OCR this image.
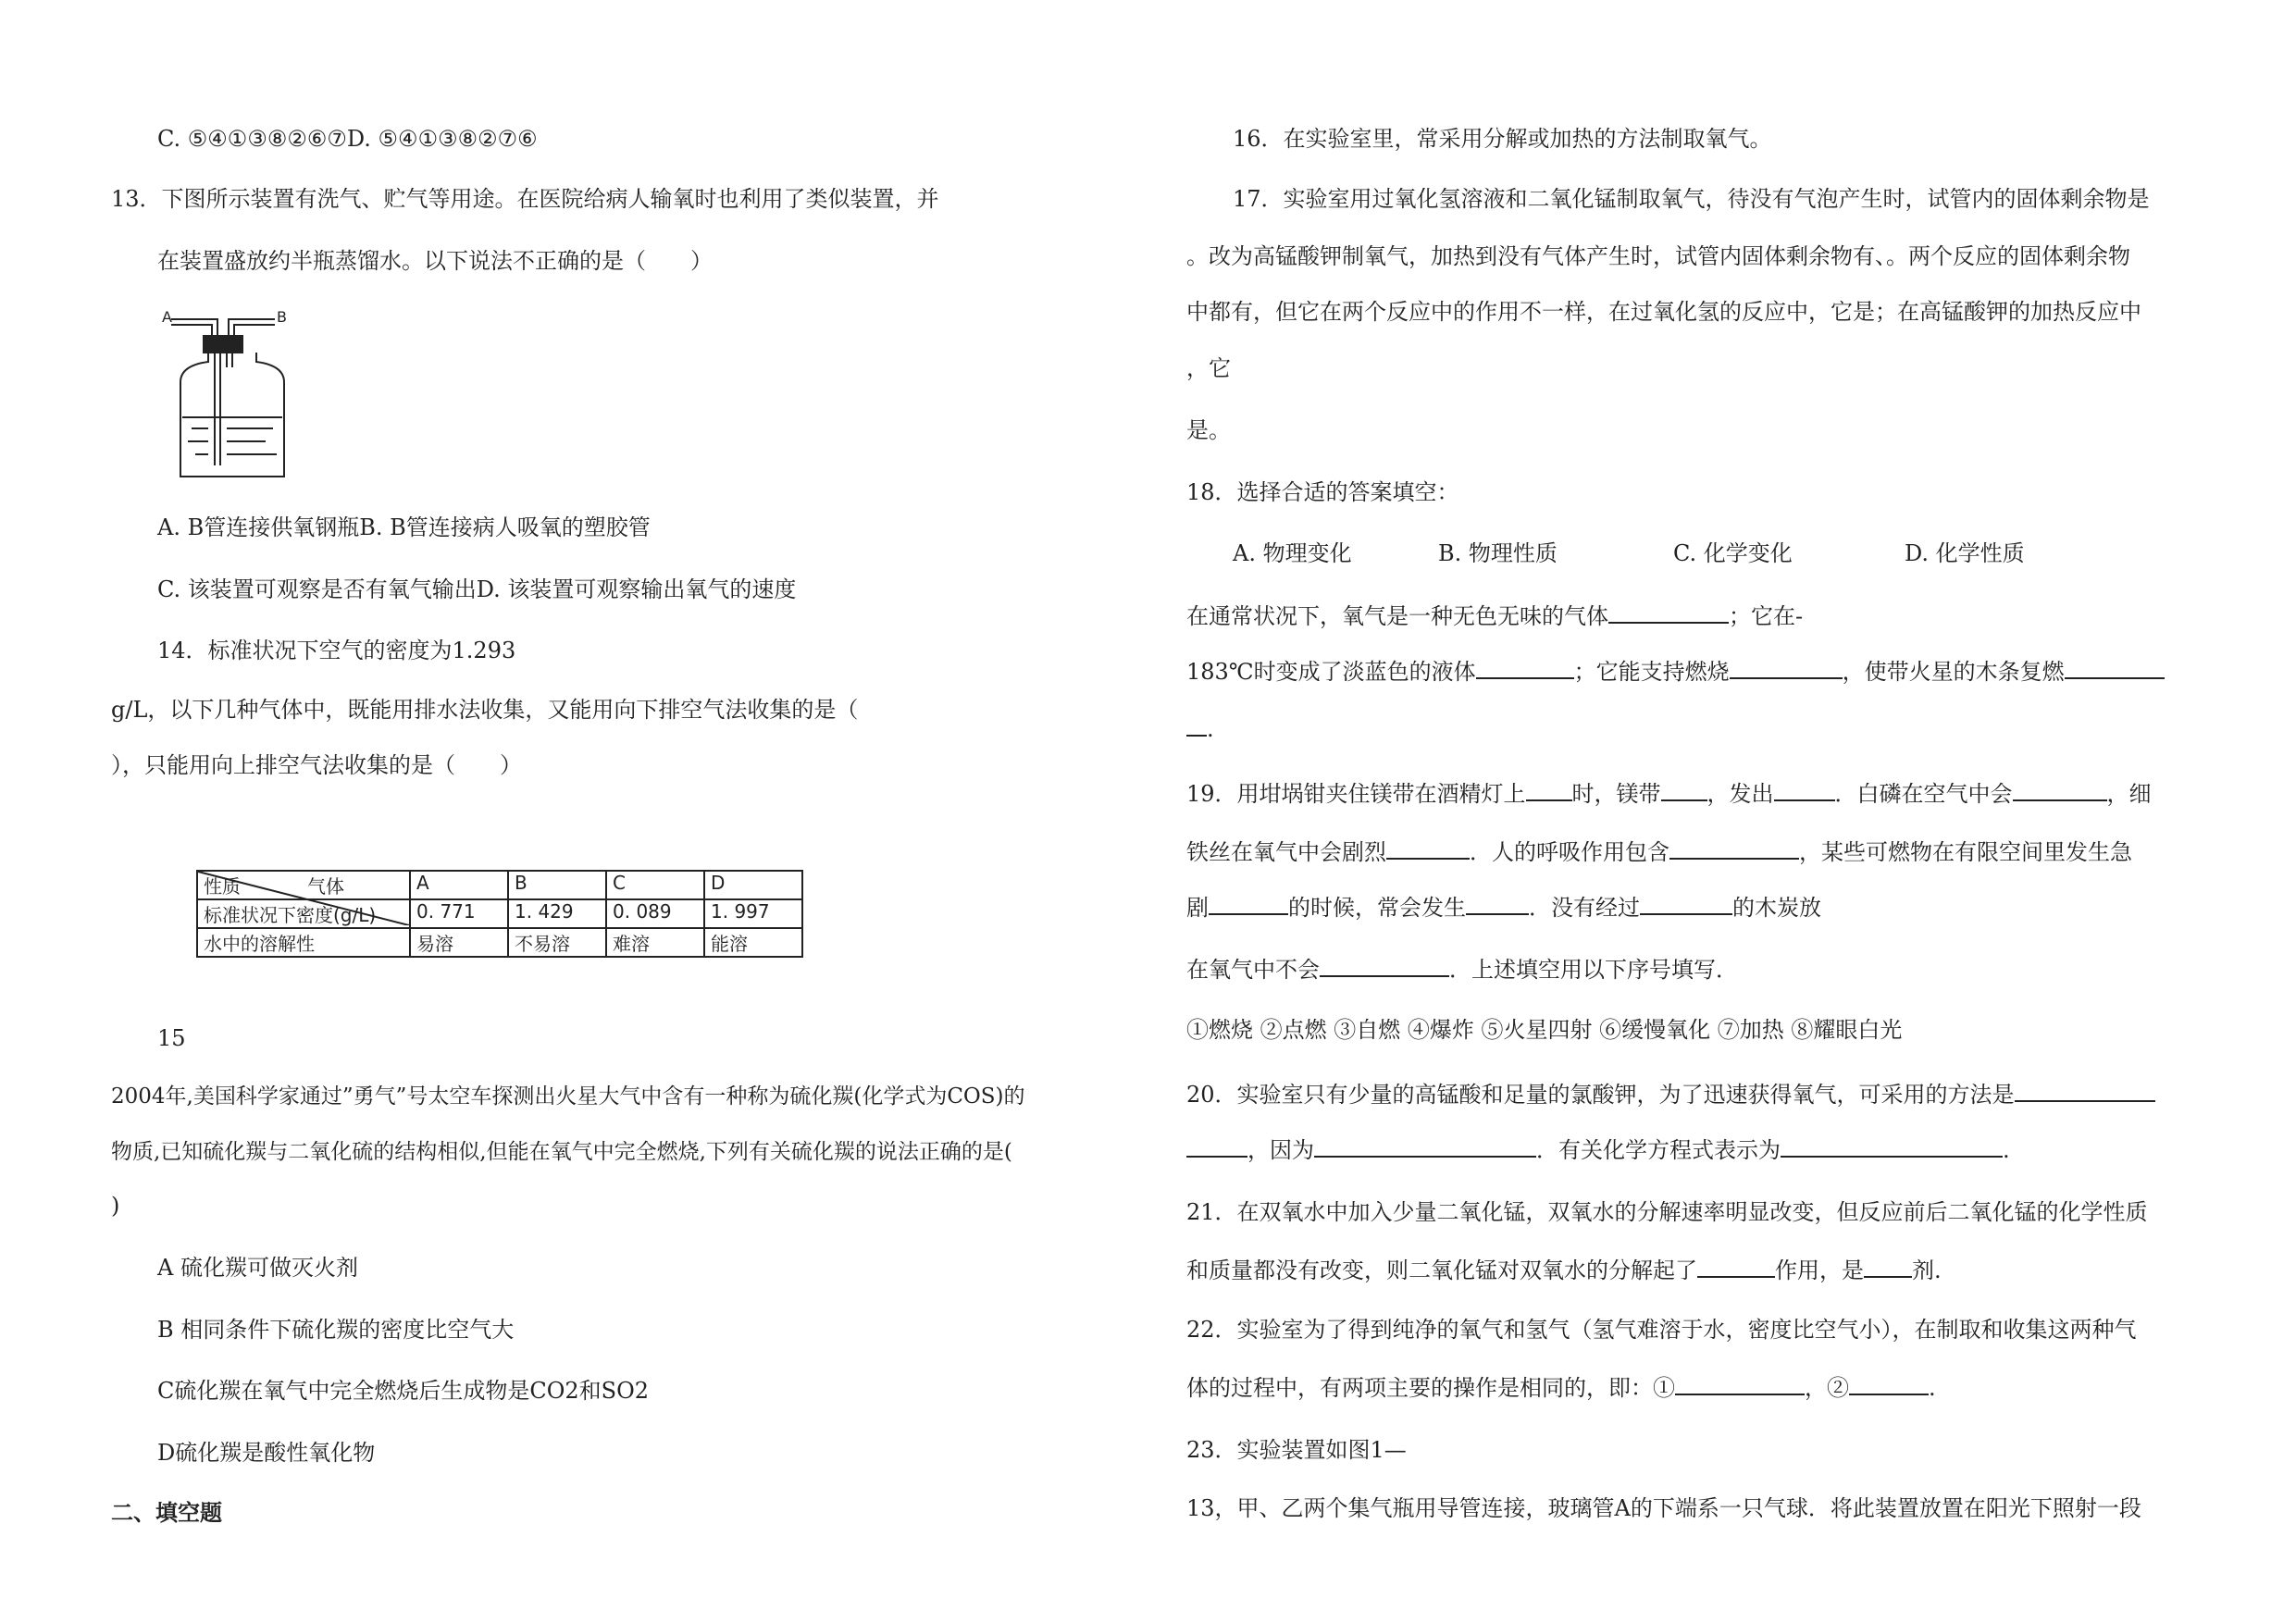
C. ⑤④①③⑧②⑥⑦D. ⑤④①③⑧②⑦⑥
13．下图所示装置有洗气、贮气等用途。在医院给病人输氧时也利用了类似装置，并
在装置盛放约半瓶蒸馏水。以下说法不正确的是（　　）
A	B
A. B管连接供氧钢瓶B. B管连接病人吸氧的塑胶管
C. 该装置可观察是否有氧气输出D. 该装置可观察输出氧气的速度
14．标准状况下空气的密度为1.293
g/L，以下几种气体中，既能用排水法收集，又能用向下排空气法收集的是（
），只能用向上排空气法收集的是（　　）
气体
性质	A	B	C	D
标准状况下密度(g/L)	0. 771	1. 429	0. 089	1. 997
水中的溶解性	易溶	不易溶	难溶	能溶
15
2004年,美国科学家通过”勇气”号太空车探测出火星大气中含有一种称为硫化羰(化学式为COS)的
物质,已知硫化羰与二氧化硫的结构相似,但能在氧气中完全燃烧,下列有关硫化羰的说法正确的是(
)
A 硫化羰可做灭火剂
B 相同条件下硫化羰的密度比空气大
C硫化羰在氧气中完全燃烧后生成物是CO2和SO2
D硫化羰是酸性氧化物
二、填空题
16．在实验室里，常采用分解或加热的方法制取氧气。
17．实验室用过氧化氢溶液和二氧化锰制取氧气，待没有气泡产生时，试管内的固体剩余物是
。改为高锰酸钾制氧气，加热到没有气体产生时，试管内固体剩余物有、。两个反应的固体剩余物
中都有，但它在两个反应中的作用不一样，在过氧化氢的反应中，它是；在高锰酸钾的加热反应中
，它
是。
18．选择合适的答案填空：
A. 物理变化	B. 物理性质	C. 化学变化	D. 化学性质
在通常状况下，氧气是一种无色无味的气体	；它在-
183℃时变成了淡蓝色的液体	；它能支持燃烧	，使带火星的木条复燃
.
19．用坩埚钳夹住镁带在酒精灯上 时，镁带 ，发出	．白磷在空气中会	，细
铁丝在氧气中会剧烈	．人的呼吸作用包含	，某些可燃物在有限空间里发生急
剧	的时候，常会发生	．没有经过	的木炭放
在氧气中不会	．上述填空用以下序号填写．
①燃烧 ②点燃 ③自燃 ④爆炸 ⑤火星四射 ⑥缓慢氧化 ⑦加热 ⑧耀眼白光
20．实验室只有少量的高锰酸和足量的氯酸钾，为了迅速获得氧气，可采用的方法是
，因为	．有关化学方程式表示为	.
21．在双氧水中加入少量二氧化锰，双氧水的分解速率明显改变，但反应前后二氧化锰的化学性质
和质量都没有改变，则二氧化锰对双氧水的分解起了	作用，是 剂.
22．实验室为了得到纯净的氧气和氢气（氢气难溶于水，密度比空气小），在制取和收集这两种气
体的过程中，有两项主要的操作是相同的，即：①	，②	.
23．实验装置如图1—
13，甲、乙两个集气瓶用导管连接，玻璃管A的下端系一只气球．将此装置放置在阳光下照射一段
